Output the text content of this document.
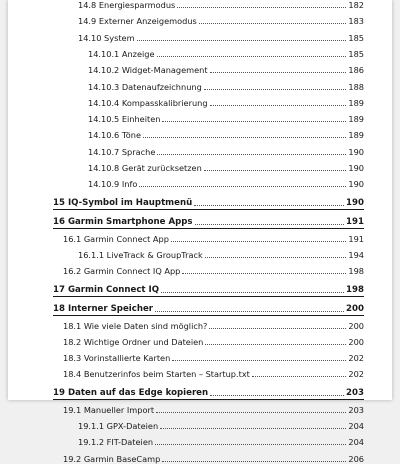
14.8 Energiesparmodus	182
14.9 Externer Anzeigemodus	183
14.10 System	185
14.10.1 Anzeige	185
14.10.2 Widget-Management	186
14.10.3 Datenaufzeichnung	188
14.10.4 Kompasskalibrierung	189
14.10.5 Einheiten	189
14.10.6 Töne	189
14.10.7 Sprache	190
14.10.8 Gerät zurücksetzen	190
14.10.9 Info	190
15 IQ-Symbol im Hauptmenü	190
16 Garmin Smartphone Apps	191
16.1 Garmin Connect App	191
16.1.1 LiveTrack & GroupTrack	194
16.2 Garmin Connect IQ App	198
17 Garmin Connect IQ	198
18 Interner Speicher	200
18.1 Wie viele Daten sind möglich?	200
18.2 Wichtige Ordner und Dateien	200
18.3 Vorinstallierte Karten	202
18.4 Benutzerinfos beim Starten – Startup.txt	202
19 Daten auf das Edge kopieren	203
19.1 Manueller Import	203
19.1.1 GPX-Dateien	204
19.1.2 FIT-Dateien	204
19.2 Garmin BaseCamp	206
